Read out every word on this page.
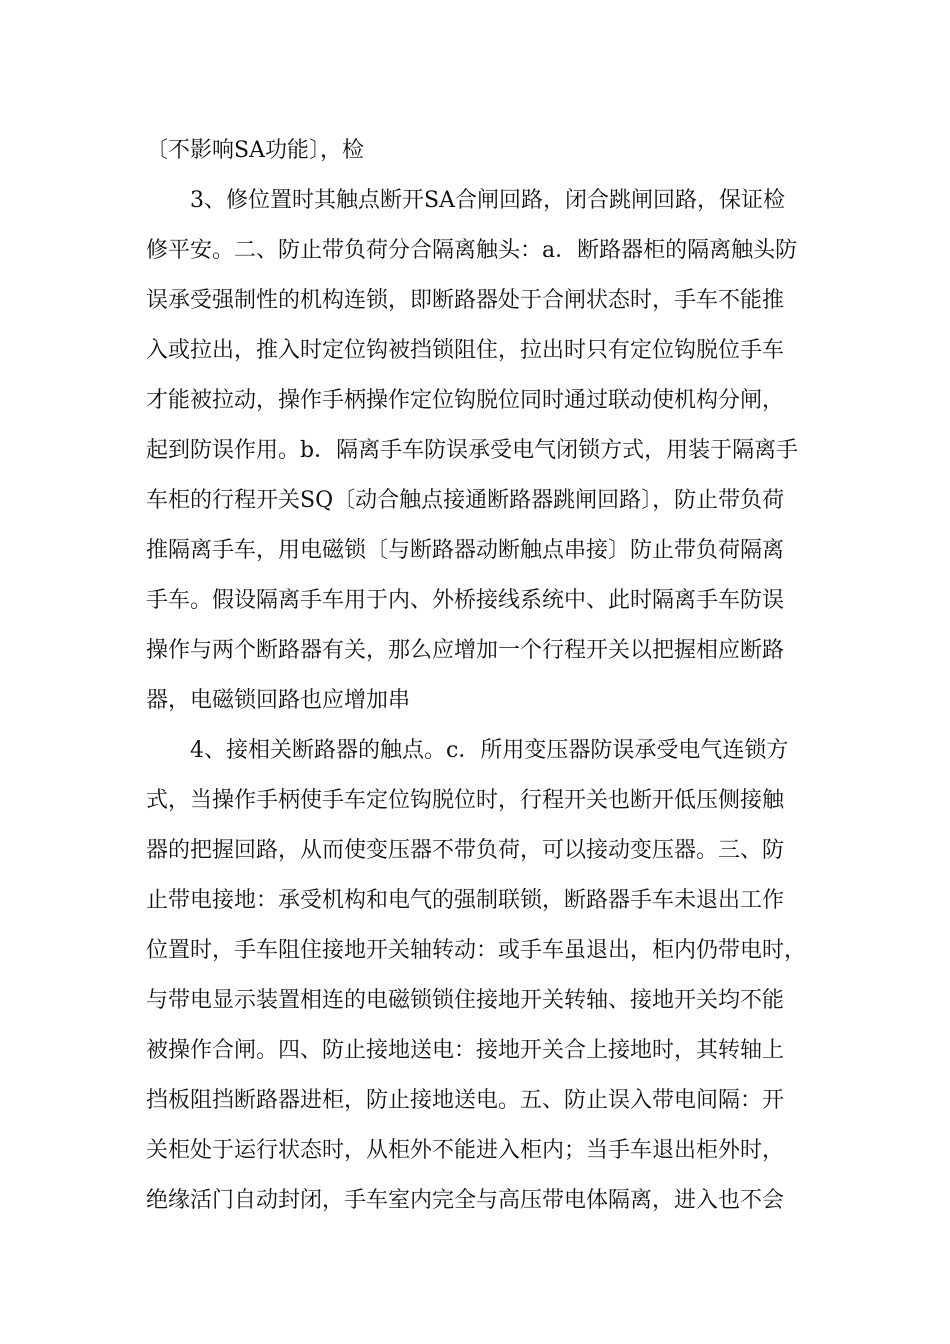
〔不影响SA功能〕，检

3、修位置时其触点断开SA合闸回路，闭合跳闸回路，保证检

修平安。二、防止带负荷分合隔离触头：a．断路器柜的隔离触头防

误承受强制性的机构连锁，即断路器处于合闸状态时，手车不能推

入或拉出，推入时定位钩被挡锁阻住，拉出时只有定位钩脱位手车

才能被拉动，操作手柄操作定位钩脱位同时通过联动使机构分闸，

起到防误作用。b．隔离手车防误承受电气闭锁方式，用装于隔离手

车柜的行程开关SQ〔动合触点接通断路器跳闸回路〕，防止带负荷

推隔离手车，用电磁锁〔与断路器动断触点串接〕防止带负荷隔离

手车。假设隔离手车用于内、外桥接线系统中、此时隔离手车防误

操作与两个断路器有关，那么应增加一个行程开关以把握相应断路

器，电磁锁回路也应增加串

4、接相关断路器的触点。c．所用变压器防误承受电气连锁方

式，当操作手柄使手车定位钩脱位时，行程开关也断开低压侧接触

器的把握回路，从而使变压器不带负荷，可以接动变压器。三、防

止带电接地：承受机构和电气的强制联锁，断路器手车未退出工作

位置时，手车阻住接地开关轴转动：或手车虽退出，柜内仍带电时，

与带电显示装置相连的电磁锁锁住接地开关转轴、接地开关均不能

被操作合闸。四、防止接地送电：接地开关合上接地时，其转轴上

挡板阻挡断路器进柜，防止接地送电。五、防止误入带电间隔：开

关柜处于运行状态时，从柜外不能进入柜内；当手车退出柜外时，

绝缘活门自动封闭，手车室内完全与高压带电体隔离，进入也不会
